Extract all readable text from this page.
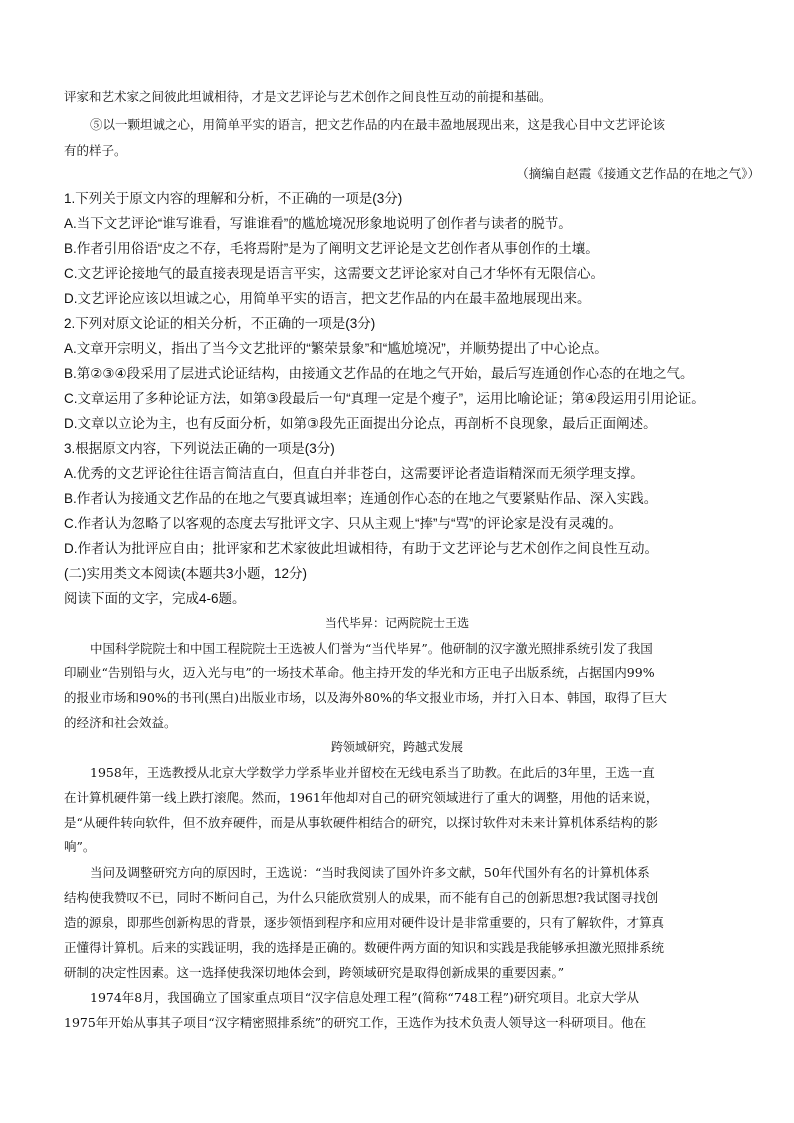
评家和艺术家之间彼此坦诚相待，才是文艺评论与艺术创作之间良性互动的前提和基础。
⑤以一颗坦诚之心，用简单平实的语言，把文艺作品的内在最丰盈地展现出来，这是我心目中文艺评论该
有的样子。
（摘编自赵霞《接通文艺作品的在地之气》）
1.下列关于原文内容的理解和分析，不正确的一项是(3分)
A.当下文艺评论“谁写谁看，写谁谁看”的尴尬境况形象地说明了创作者与读者的脱节。
B.作者引用俗语“皮之不存，毛将焉附”是为了阐明文艺评论是文艺创作者从事创作的土壤。
C.文艺评论接地气的最直接表现是语言平实，这需要文艺评论家对自己才华怀有无限信心。
D.文艺评论应该以坦诚之心，用简单平实的语言，把文艺作品的内在最丰盈地展现出来。
2.下列对原文论证的相关分析，不正确的一项是(3分)
A.文章开宗明义，指出了当今文艺批评的“繁荣景象”和“尴尬境况”，并顺势提出了中心论点。
B.第②③④段采用了层进式论证结构，由接通文艺作品的在地之气开始，最后写连通创作心态的在地之气。
C.文章运用了多种论证方法，如第③段最后一句“真理一定是个瘦子”，运用比喻论证；第④段运用引用论证。
D.文章以立论为主，也有反面分析，如第③段先正面提出分论点，再剖析不良现象，最后正面阐述。
3.根据原文内容，下列说法正确的一项是(3分)
A.优秀的文艺评论往往语言简洁直白，但直白并非苍白，这需要评论者造诣精深而无须学理支撑。
B.作者认为接通文艺作品的在地之气要真诚坦率；连通创作心态的在地之气要紧贴作品、深入实践。
C.作者认为忽略了以客观的态度去写批评文字、只从主观上“捧”与“骂”的评论家是没有灵魂的。
D.作者认为批评应自由；批评家和艺术家彼此坦诚相待，有助于文艺评论与艺术创作之间良性互动。
(二)实用类文本阅读(本题共3小题，12分)
阅读下面的文字，完成4-6题。
当代毕昇：记两院院士王选
中国科学院院士和中国工程院院士王选被人们誉为“当代毕昇”。他研制的汉字激光照排系统引发了我国
印刷业“告别铅与火，迈入光与电”的一场技术革命。他主持开发的华光和方正电子出版系统，占据国内99%
的报业市场和90%的书刊(黑白)出版业市场，以及海外80%的华文报业市场，并打入日本、韩国，取得了巨大
的经济和社会效益。
跨领域研究，跨越式发展
1958年，王选教授从北京大学数学力学系毕业并留校在无线电系当了助教。在此后的3年里，王选一直
在计算机硬件第一线上跌打滚爬。然而，1961年他却对自己的研究领域进行了重大的调整，用他的话来说，
是“从硬件转向软件，但不放弃硬件，而是从事软硬件相结合的研究，以探讨软件对未来计算机体系结构的影
响”。
当问及调整研究方向的原因时，王选说：“当时我阅读了国外许多文献，50年代国外有名的计算机体系
结构使我赞叹不已，同时不断问自己，为什么只能欣赏别人的成果，而不能有自己的创新思想?我试图寻找创
造的源泉，即那些创新构思的背景，逐步领悟到程序和应用对硬件设计是非常重要的，只有了解软件，才算真
正懂得计算机。后来的实践证明，我的选择是正确的。数硬件两方面的知识和实践是我能够承担激光照排系统
研制的决定性因素。这一选择使我深切地体会到，跨领域研究是取得创新成果的重要因素。”
1974年8月，我国确立了国家重点项目“汉字信息处理工程”(简称“748工程”)研究项目。北京大学从
1975年开始从事其子项目“汉字精密照排系统”的研究工作，王选作为技术负责人领导这一科研项目。他在
